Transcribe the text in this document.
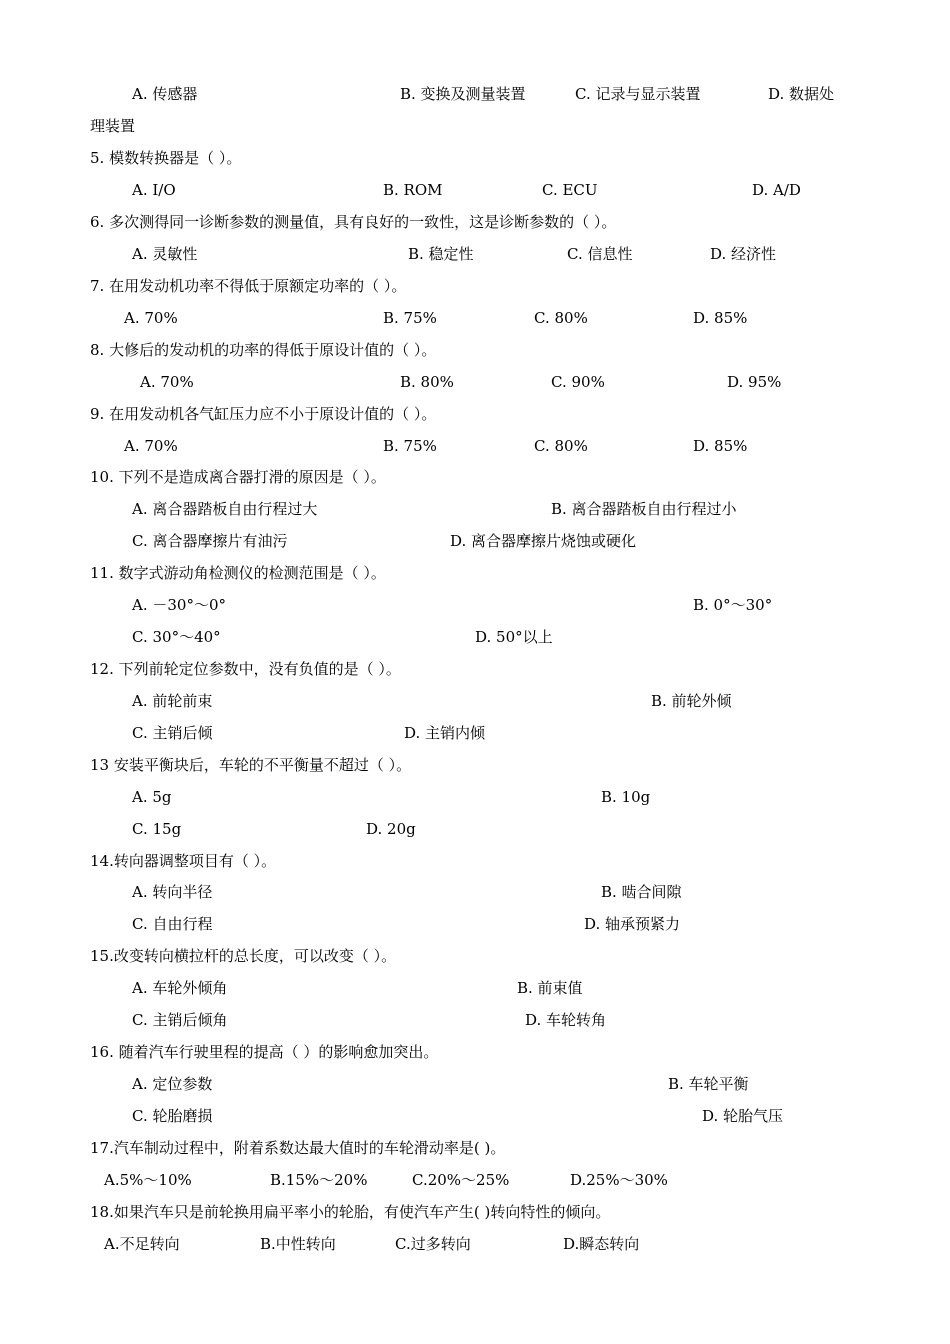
A. 传感器	B. 变换及测量装置	C. 记录与显示装置	D. 数据处
理装置
5. 模数转换器是（ ）。
A. I/O	B. ROM	C. ECU	D. A/D
6. 多次测得同一诊断参数的测量值，具有良好的一致性，这是诊断参数的（ ）。
A. 灵敏性	B. 稳定性	C. 信息性	D. 经济性
7. 在用发动机功率不得低于原额定功率的（ ）。
A. 70%	B. 75%	C. 80%	D. 85%
8. 大修后的发动机的功率的得低于原设计值的（ ）。
A. 70%	B. 80%	C. 90%	D. 95%
9. 在用发动机各气缸压力应不小于原设计值的（ ）。
A. 70%	B. 75%	C. 80%	D. 85%
10. 下列不是造成离合器打滑的原因是（ ）。
A. 离合器踏板自由行程过大	B. 离合器踏板自由行程过小
C. 离合器摩擦片有油污	D. 离合器摩擦片烧蚀或硬化
11. 数字式游动角检测仪的检测范围是（ ）。
A. －30°～0°	B. 0°～30°
C. 30°～40°	D. 50°以上
12. 下列前轮定位参数中，没有负值的是（ ）。
A. 前轮前束	B. 前轮外倾
C. 主销后倾	D. 主销内倾
13 安装平衡块后，车轮的不平衡量不超过（ ）。
A. 5g	B. 10g
C. 15g	D. 20g
14.转向器调整项目有（ ）。
A. 转向半径	B. 啮合间隙
C. 自由行程	D. 轴承预紧力
15.改变转向横拉杆的总长度，可以改变（ ）。
A. 车轮外倾角	B. 前束值
C. 主销后倾角	D. 车轮转角
16. 随着汽车行驶里程的提高（ ）的影响愈加突出。
A. 定位参数	B. 车轮平衡
C. 轮胎磨损	D. 轮胎气压
17.汽车制动过程中，附着系数达最大值时的车轮滑动率是( )。
A.5%～10%	B.15%～20%	C.20%～25%	D.25%～30%
18.如果汽车只是前轮换用扁平率小的轮胎，有使汽车产生( )转向特性的倾向。
A.不足转向	B.中性转向	C.过多转向	D.瞬态转向
